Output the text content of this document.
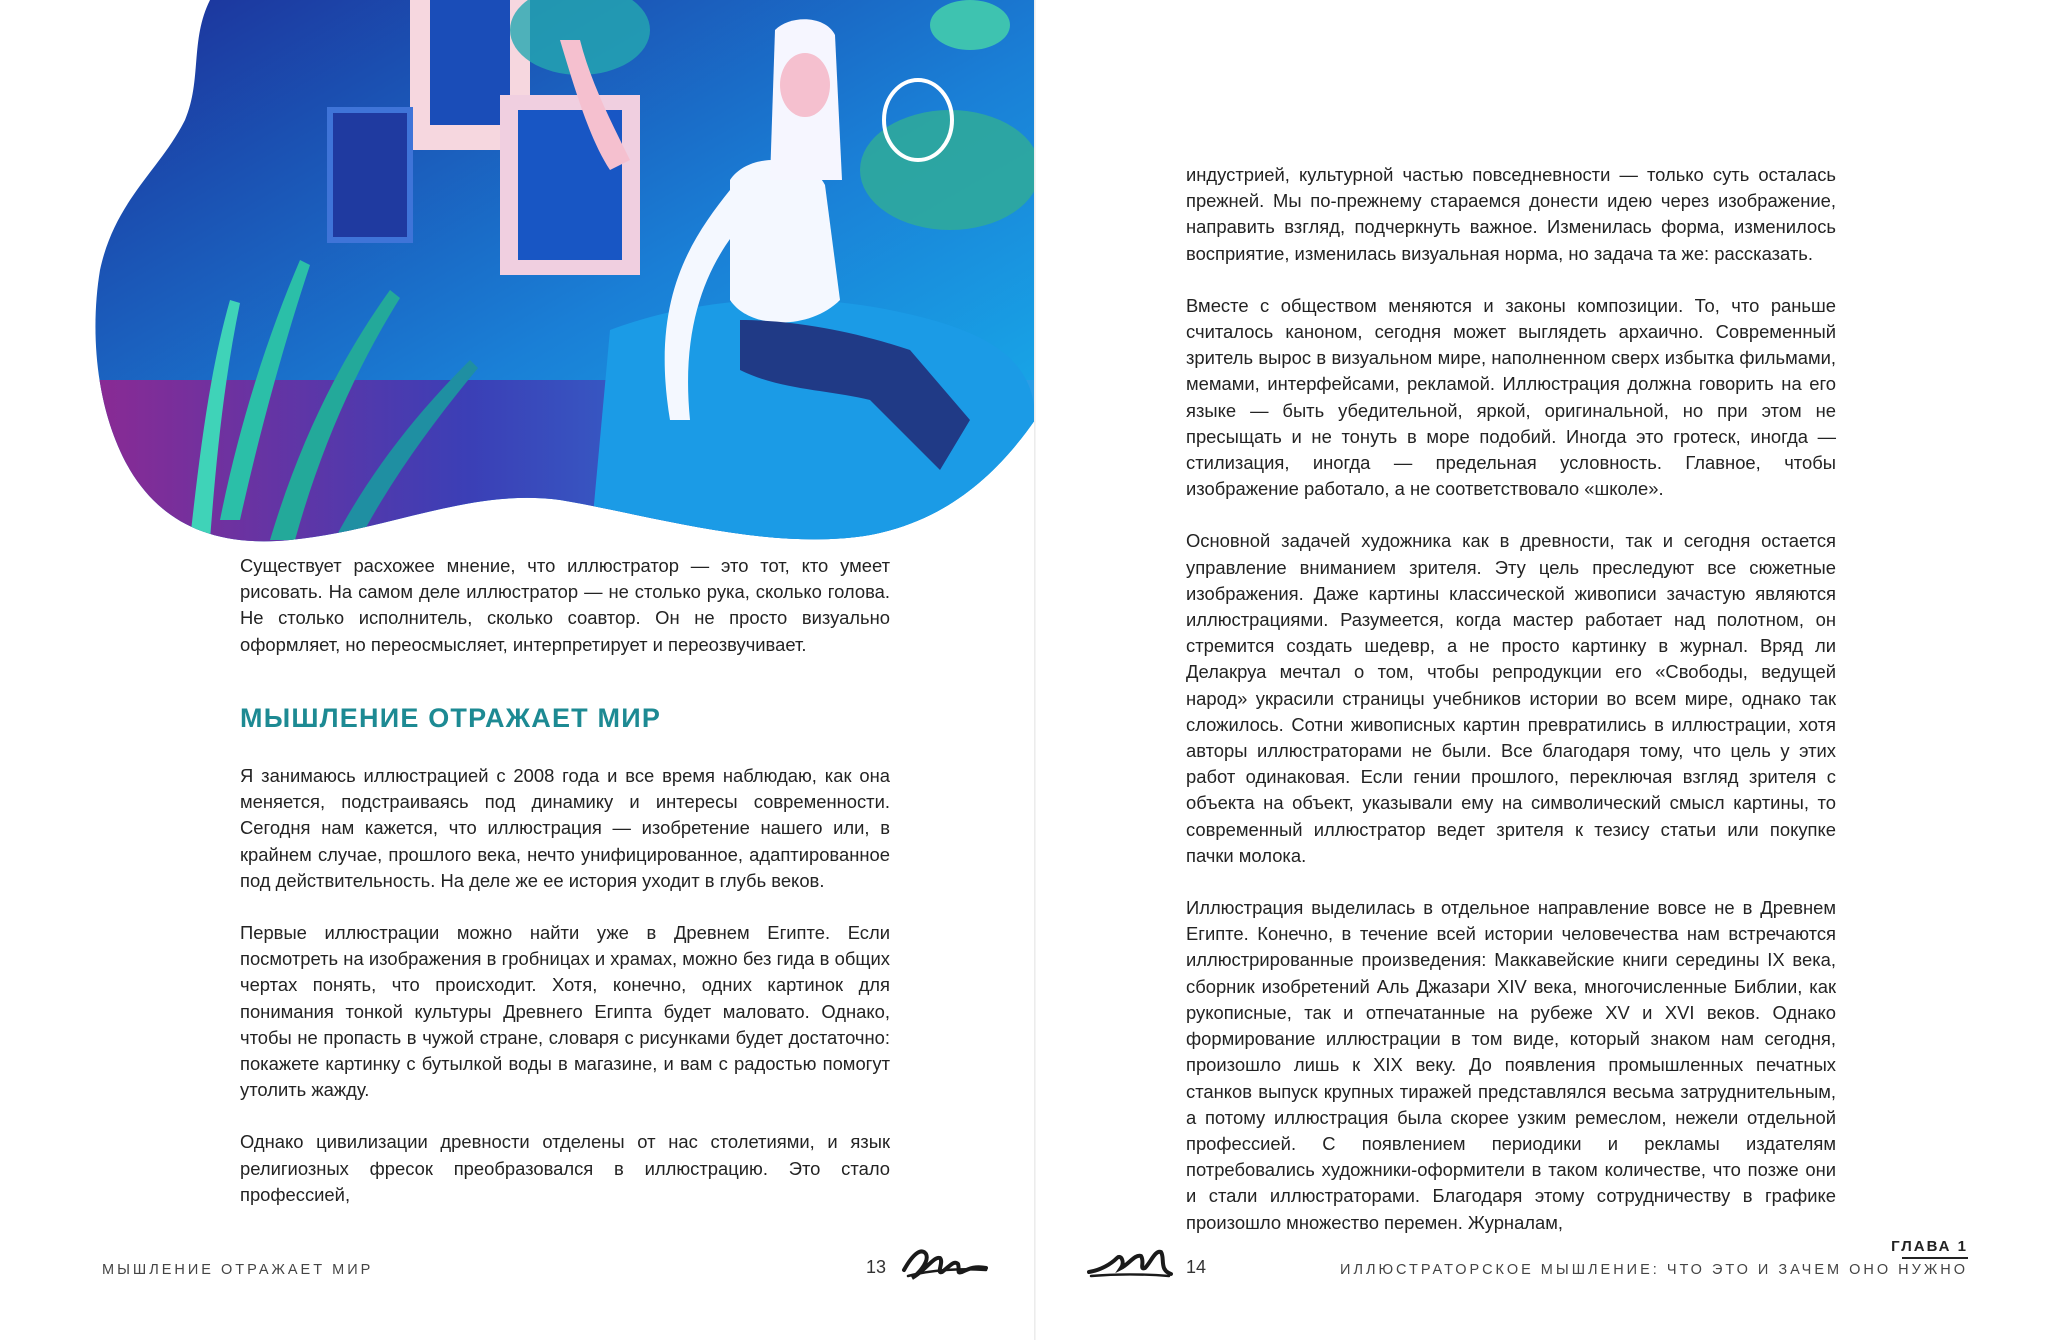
Существует расхожее мнение, что иллюстратор — это тот, кто умеет рисовать. На самом деле иллюстратор — не столько рука, сколько голова. Не столько исполнитель, сколько соавтор. Он не просто визуально оформляет, но переосмысляет, интерпретирует и переозвучивает.

МЫШЛЕНИЕ ОТРАЖАЕТ МИР

Я занимаюсь иллюстрацией с 2008 года и все время наблюдаю, как она меняется, подстраиваясь под динамику и интересы современности. Сегодня нам кажется, что иллюстрация — изобретение нашего или, в крайнем случае, прошлого века, нечто унифицированное, адаптированное под действительность. На деле же ее история уходит в глубь веков.

Первые иллюстрации можно найти уже в Древнем Египте. Если посмотреть на изображения в гробницах и храмах, можно без гида в общих чертах понять, что происходит. Хотя, конечно, одних картинок для понимания тонкой культуры Древнего Египта будет маловато. Однако, чтобы не пропасть в чужой стране, словаря с рисунками будет достаточно: покажете картинку с бутылкой воды в магазине, и вам с радостью помогут утолить жажду.

Однако цивилизации древности отделены от нас столетиями, и язык религиозных фресок преобразовался в иллюстрацию. Это стало профессией,

МЫШЛЕНИЕ ОТРАЖАЕТ МИР	13

индустрией, культурной частью повседневности — только суть осталась прежней. Мы по-прежнему стараемся донести идею через изображение, направить взгляд, подчеркнуть важное. Изменилась форма, изменилось восприятие, изменилась визуальная норма, но задача та же: рассказать.

Вместе с обществом меняются и законы композиции. То, что раньше считалось каноном, сегодня может выглядеть архаично. Современный зритель вырос в визуальном мире, наполненном сверх избытка фильмами, мемами, интерфейсами, рекламой. Иллюстрация должна говорить на его языке — быть убедительной, яркой, оригинальной, но при этом не пресыщать и не тонуть в море подобий. Иногда это гротеск, иногда — стилизация, иногда — предельная условность. Главное, чтобы изображение работало, а не соответствовало «школе».

Основной задачей художника как в древности, так и сегодня остается управление вниманием зрителя. Эту цель преследуют все сюжетные изображения. Даже картины классической живописи зачастую являются иллюстрациями. Разумеется, когда мастер работает над полотном, он стремится создать шедевр, а не просто картинку в журнал. Вряд ли Делакруа мечтал о том, чтобы репродукции его «Свободы, ведущей народ» украсили страницы учебников истории во всем мире, однако так сложилось. Сотни живописных картин превратились в иллюстрации, хотя авторы иллюстраторами не были. Все благодаря тому, что цель у этих работ одинаковая. Если гении прошлого, переключая взгляд зрителя с объекта на объект, указывали ему на символический смысл картины, то современный иллюстратор ведет зрителя к тезису статьи или покупке пачки молока.

Иллюстрация выделилась в отдельное направление вовсе не в Древнем Египте. Конечно, в течение всей истории человечества нам встречаются иллюстрированные произведения: Маккавейские книги середины IX века, сборник изобретений Аль Джазари XIV века, многочисленные Библии, как рукописные, так и отпечатанные на рубеже XV и XVI веков. Однако формирование иллюстрации в том виде, который знаком нам сегодня, произошло лишь к XIX веку. До появления промышленных печатных станков выпуск крупных тиражей представлялся весьма затруднительным, а потому иллюстрация была скорее узким ремеслом, нежели отдельной профессией. С появлением периодики и рекламы издателям потребовались художники-оформители в таком количестве, что позже они и стали иллюстраторами. Благодаря этому сотрудничеству в графике произошло множество перемен. Журналам,

14
ГЛАВА 1
ИЛЛЮСТРАТОРСКОЕ МЫШЛЕНИЕ: ЧТО ЭТО И ЗАЧЕМ ОНО НУЖНО
